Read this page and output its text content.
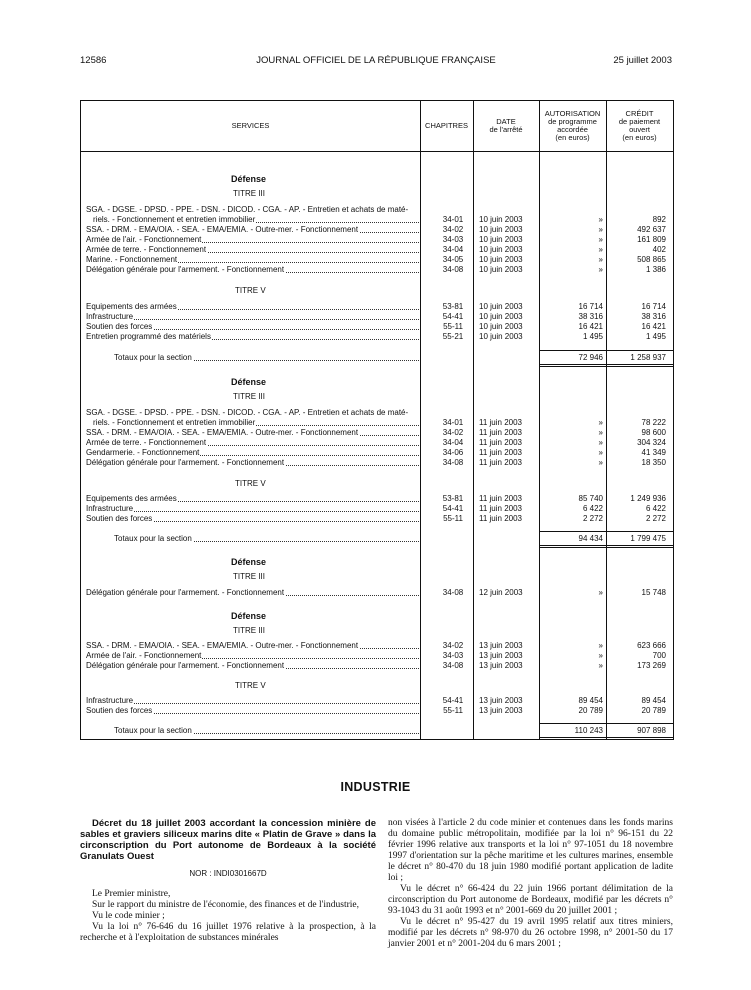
12586	JOURNAL OFFICIEL DE LA RÉPUBLIQUE FRANÇAISE	25 juillet 2003
SERVICES	CHAPITRES	DATE
de l'arrêté
AUTORISATION
de programme
accordée
(en euros)
CRÉDIT
de paiement
ouvert
(en euros)
Défense
TITRE III
SGA. - DGSE. - DPSD. - PPE. - DSN. - DICOD. - CGA. - AP. - Entretien et achats de maté-
riels. - Fonctionnement et entretien immobilier	34-01	10 juin 2003	»	892
SSA. - DRM. - EMA/OIA. - SEA. - EMA/EMIA. - Outre-mer. - Fonctionnement	34-02	10 juin 2003	»	492 637
Armée de l'air. - Fonctionnement	34-03	10 juin 2003	»	161 809
Armée de terre. - Fonctionnement	34-04	10 juin 2003	»	402
Marine. - Fonctionnement	34-05	10 juin 2003	»	508 865
Délégation générale pour l'armement. - Fonctionnement	34-08	10 juin 2003	»	1 386
TITRE V
Equipements des armées	53-81	10 juin 2003	16 714	16 714
Infrastructure	54-41	10 juin 2003	38 316	38 316
Soutien des forces	55-11	10 juin 2003	16 421	16 421
Entretien programmé des matériels	55-21	10 juin 2003	1 495	1 495
Totaux pour la section	72 946	1 258 937
Défense
TITRE III
SGA. - DGSE. - DPSD. - PPE. - DSN. - DICOD. - CGA. - AP. - Entretien et achats de maté-
riels. - Fonctionnement et entretien immobilier	34-01	11 juin 2003	»	78 222
SSA. - DRM. - EMA/OIA. - SEA. - EMA/EMIA. - Outre-mer. - Fonctionnement	34-02	11 juin 2003	»	98 600
Armée de terre. - Fonctionnement	34-04	11 juin 2003	»	304 324
Gendarmerie. - Fonctionnement	34-06	11 juin 2003	»	41 349
Délégation générale pour l'armement. - Fonctionnement	34-08	11 juin 2003	»	18 350
TITRE V
Equipements des armées	53-81	11 juin 2003	85 740	1 249 936
Infrastructure	54-41	11 juin 2003	6 422	6 422
Soutien des forces	55-11	11 juin 2003	2 272	2 272
Totaux pour la section	94 434	1 799 475
Défense
TITRE III
Délégation générale pour l'armement. - Fonctionnement	34-08	12 juin 2003	»	15 748
Défense
TITRE III
SSA. - DRM. - EMA/OIA. - SEA. - EMA/EMIA. - Outre-mer. - Fonctionnement	34-02	13 juin 2003	»	623 666
Armée de l'air. - Fonctionnement	34-03	13 juin 2003	»	700
Délégation générale pour l'armement. - Fonctionnement	34-08	13 juin 2003	»	173 269
TITRE V
Infrastructure	54-41	13 juin 2003	89 454	89 454
Soutien des forces	55-11	13 juin 2003	20 789	20 789
Totaux pour la section	110 243	907 898
INDUSTRIE

Décret du 18 juillet 2003 accordant la concession minière de sables et graviers siliceux marins dite « Platin de Grave » dans la circonscription du Port autonome de Bordeaux à la société Granulats Ouest

NOR : INDI0301667D

Le Premier ministre,

Sur le rapport du ministre de l'économie, des finances et de l'industrie,

Vu le code minier ;

Vu la loi n° 76-646 du 16 juillet 1976 relative à la prospection, à la recherche et à l'exploitation de substances minérales

non visées à l'article 2 du code minier et contenues dans les fonds marins du domaine public métropolitain, modifiée par la loi n° 96-151 du 22 février 1996 relative aux transports et la loi n° 97-1051 du 18 novembre 1997 d'orientation sur la pêche maritime et les cultures marines, ensemble le décret n° 80-470 du 18 juin 1980 modifié portant application de ladite loi ;

Vu le décret n° 66-424 du 22 juin 1966 portant délimitation de la circonscription du Port autonome de Bordeaux, modifié par les décrets n° 93-1043 du 31 août 1993 et n° 2001-669 du 20 juillet 2001 ;

Vu le décret n° 95-427 du 19 avril 1995 relatif aux titres miniers, modifié par les décrets n° 98-970 du 26 octobre 1998, n° 2001-50 du 17 janvier 2001 et n° 2001-204 du 6 mars 2001 ;
